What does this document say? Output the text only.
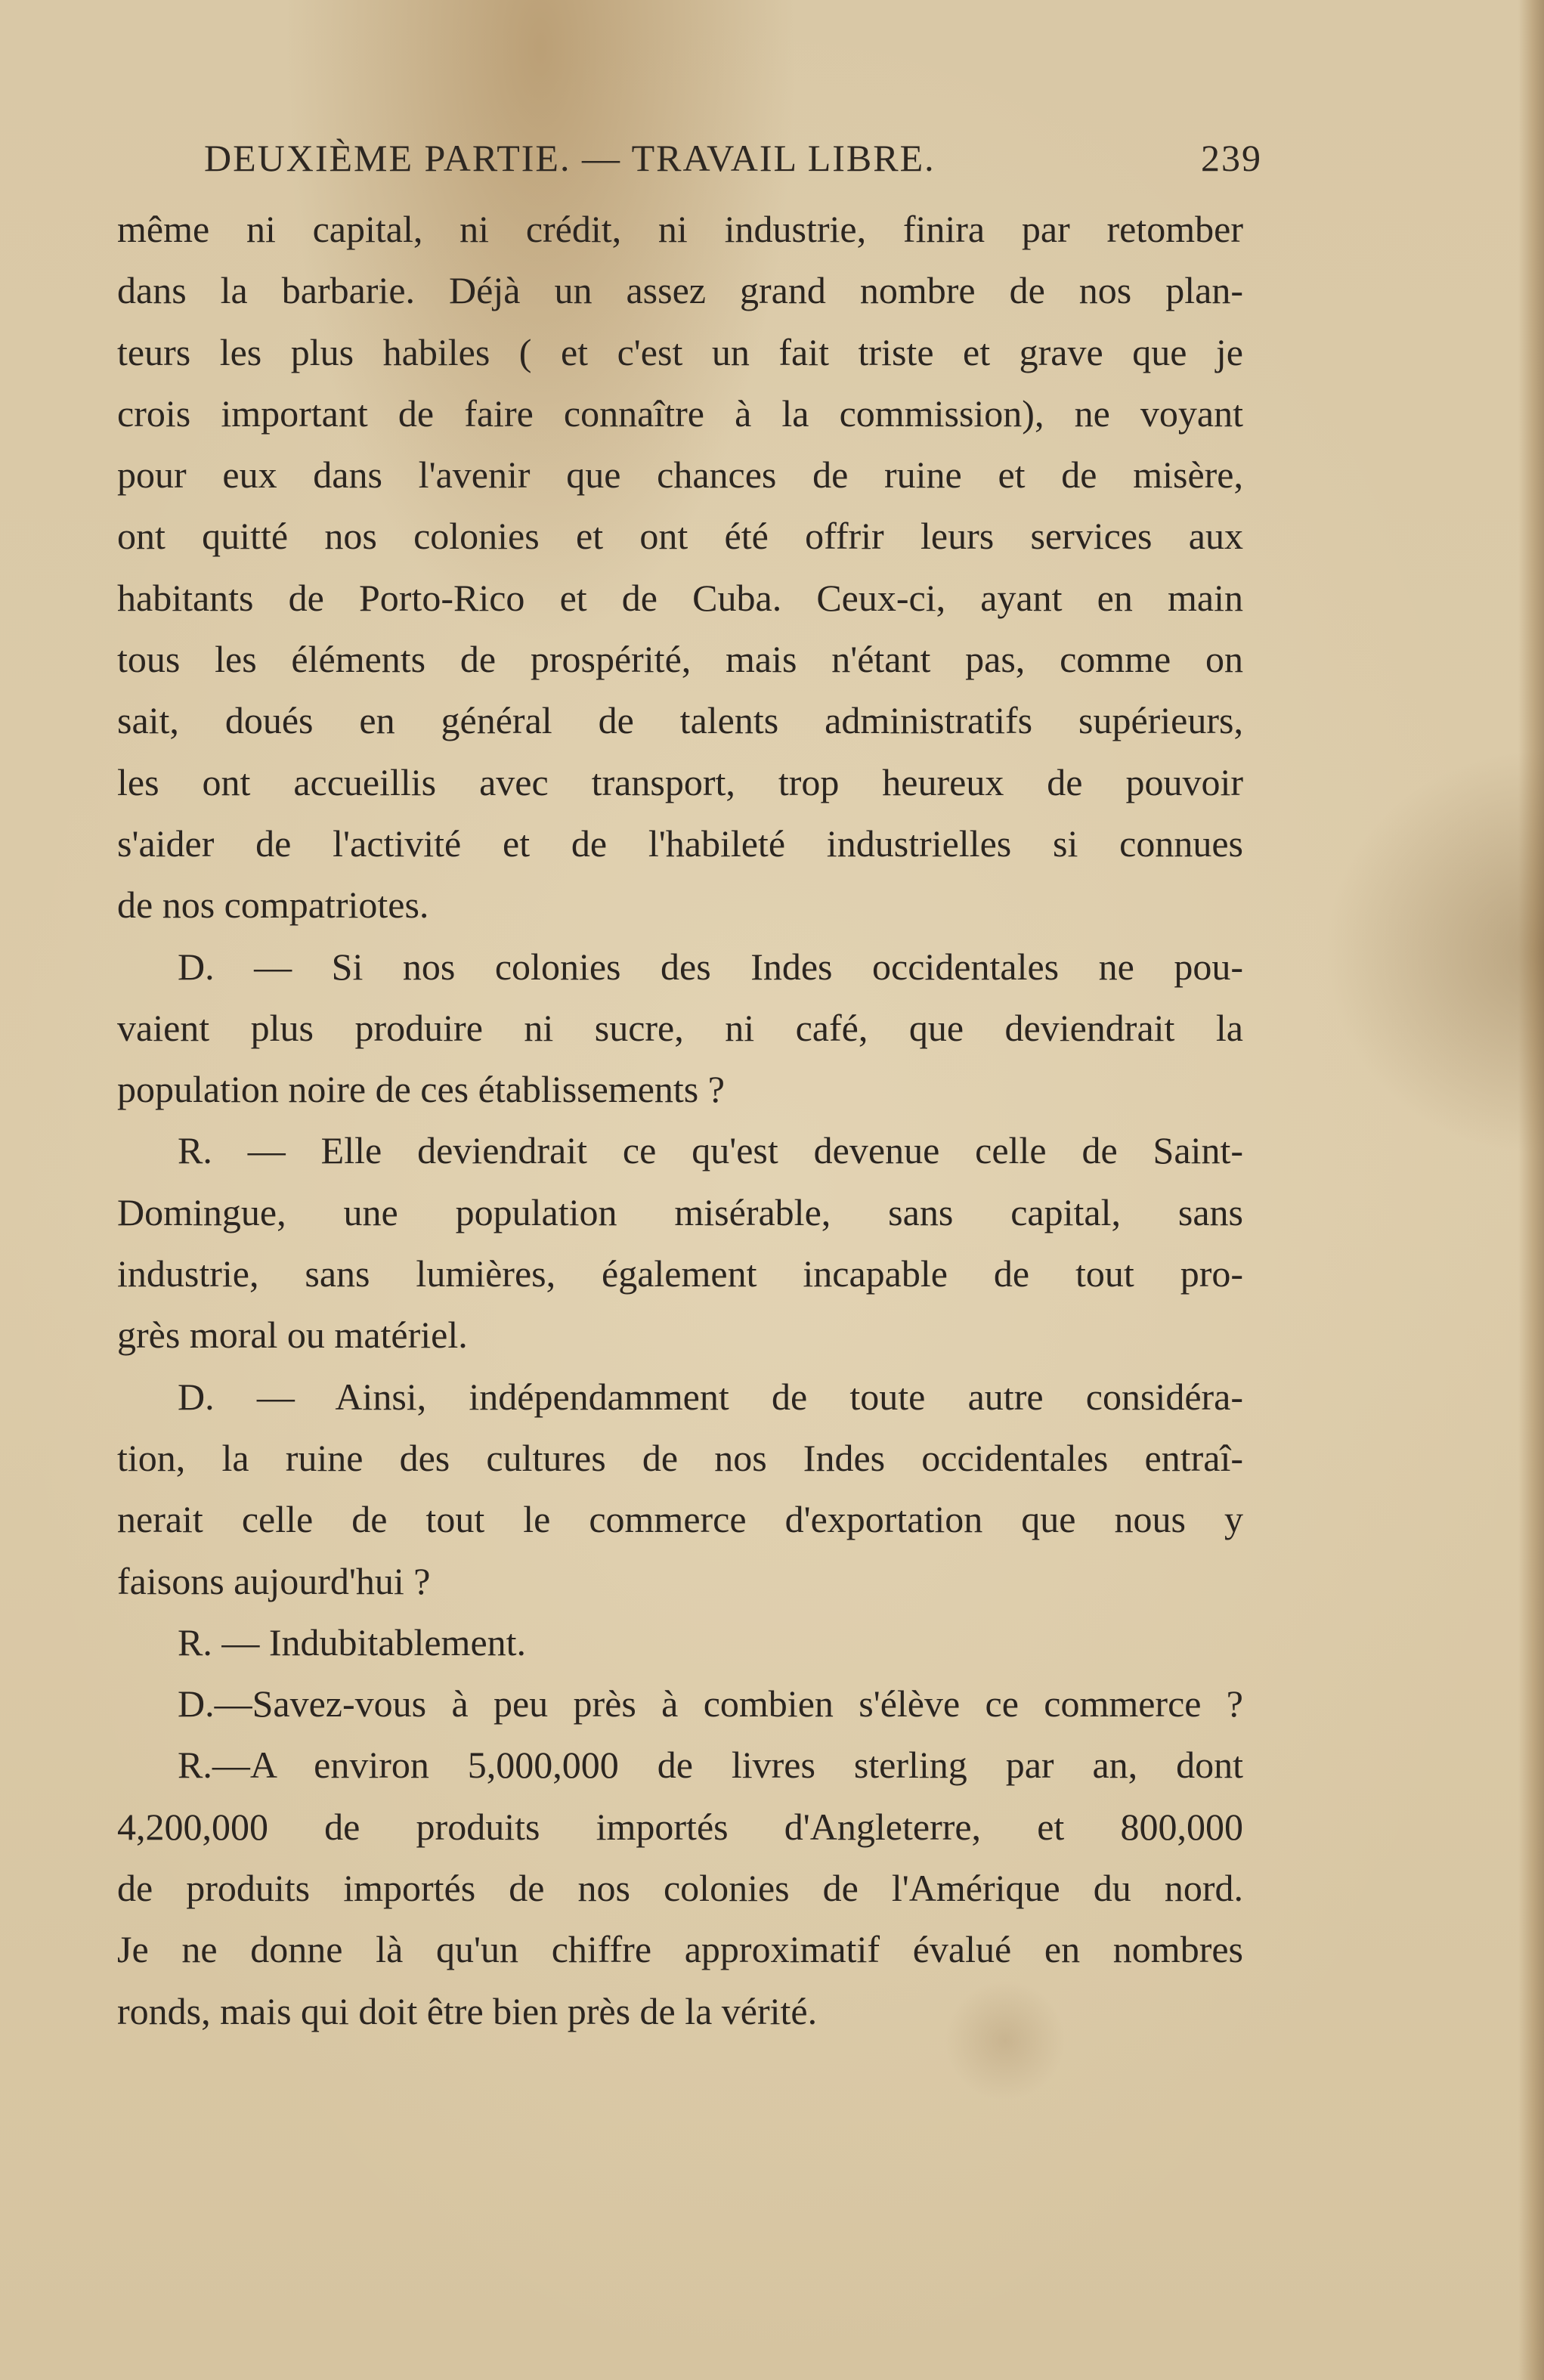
DEUXIÈME PARTIE. — TRAVAIL LIBRE.	239
même ni capital, ni crédit, ni industrie, finira par retomber
dans la barbarie. Déjà un assez grand nombre de nos plan-
teurs les plus habiles ( et c'est un fait triste et grave que je
crois important de faire connaître à la commission), ne voyant
pour eux dans l'avenir que chances de ruine et de misère,
ont quitté nos colonies et ont été offrir leurs services aux
habitants de Porto-Rico et de Cuba. Ceux-ci, ayant en main
tous les éléments de prospérité, mais n'étant pas, comme on
sait, doués en général de talents administratifs supérieurs,
les ont accueillis avec transport, trop heureux de pouvoir
s'aider de l'activité et de l'habileté industrielles si connues
de nos compatriotes.
D. — Si nos colonies des Indes occidentales ne pou-
vaient plus produire ni sucre, ni café, que deviendrait la
population noire de ces établissements ?
R. — Elle deviendrait ce qu'est devenue celle de Saint-
Domingue, une population misérable, sans capital, sans
industrie, sans lumières, également incapable de tout pro-
grès moral ou matériel.
D. — Ainsi, indépendamment de toute autre considéra-
tion, la ruine des cultures de nos Indes occidentales entraî-
nerait celle de tout le commerce d'exportation que nous y
faisons aujourd'hui ?
R. — Indubitablement.
D.—Savez-vous à peu près à combien s'élève ce commerce ?
R.—A environ 5,000,000 de livres sterling par an, dont
4,200,000 de produits importés d'Angleterre, et 800,000
de produits importés de nos colonies de l'Amérique du nord.
Je ne donne là qu'un chiffre approximatif évalué en nombres
ronds, mais qui doit être bien près de la vérité.
